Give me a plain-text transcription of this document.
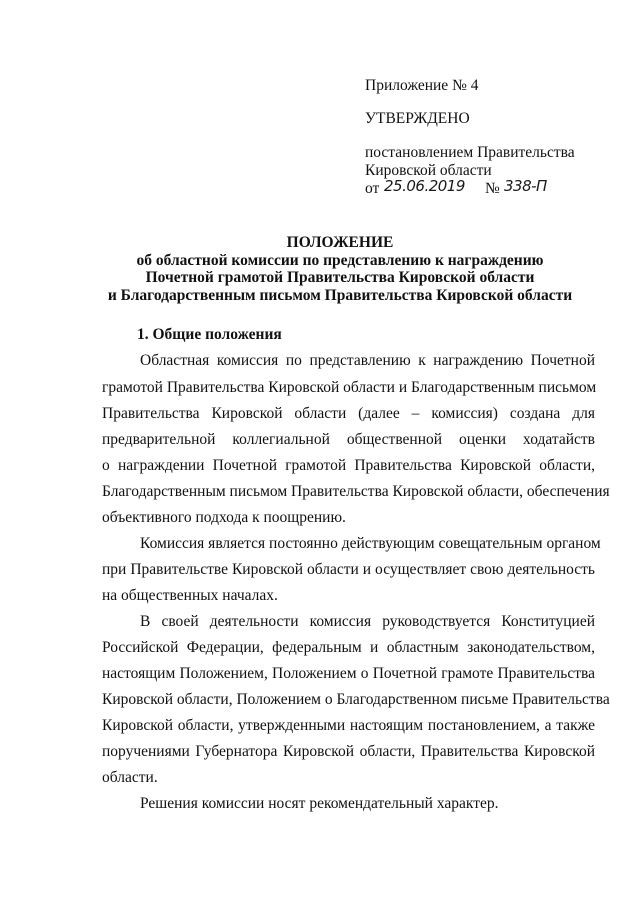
Приложение № 4
УТВЕРЖДЕНО
постановлением Правительства
Кировской области
от 25.06.2019 № 338-П
ПОЛОЖЕНИЕ
об областной комиссии по представлению к награждению
Почетной грамотой Правительства Кировской области
и Благодарственным письмом Правительства Кировской области
1. Общие положения
Областная комиссия по представлению к награждению Почетной
грамотой Правительства Кировской области и Благодарственным письмом
Правительства Кировской области (далее – комиссия) создана для
предварительной коллегиальной общественной оценки ходатайств
о награждении Почетной грамотой Правительства Кировской области,
Благодарственным письмом Правительства Кировской области, обеспечения
объективного подхода к поощрению.
Комиссия является постоянно действующим совещательным органом
при Правительстве Кировской области и осуществляет свою деятельность
на общественных началах.
В своей деятельности комиссия руководствуется Конституцией
Российской Федерации, федеральным и областным законодательством,
настоящим Положением, Положением о Почетной грамоте Правительства
Кировской области, Положением о Благодарственном письме Правительства
Кировской области, утвержденными настоящим постановлением, а также
поручениями Губернатора Кировской области, Правительства Кировской
области.
Решения комиссии носят рекомендательный характер.
